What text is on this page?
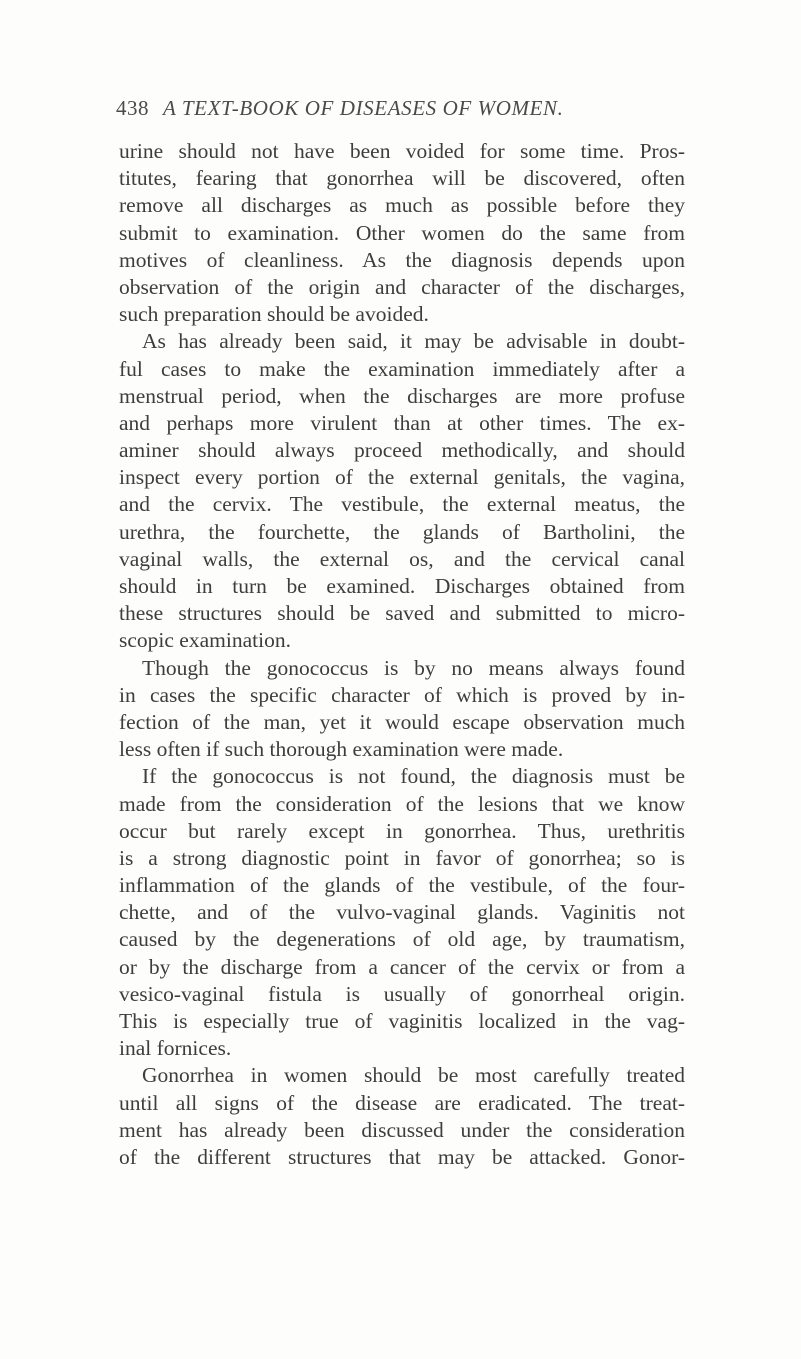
438 A TEXT-BOOK OF DISEASES OF WOMEN.
urine should not have been voided for some time. Pros-
titutes, fearing that gonorrhea will be discovered, often
remove all discharges as much as possible before they
submit to examination. Other women do the same from
motives of cleanliness. As the diagnosis depends upon
observation of the origin and character of the discharges,
such preparation should be avoided.
As has already been said, it may be advisable in doubt-
ful cases to make the examination immediately after a
menstrual period, when the discharges are more profuse
and perhaps more virulent than at other times. The ex-
aminer should always proceed methodically, and should
inspect every portion of the external genitals, the vagina,
and the cervix. The vestibule, the external meatus, the
urethra, the fourchette, the glands of Bartholini, the
vaginal walls, the external os, and the cervical canal
should in turn be examined. Discharges obtained from
these structures should be saved and submitted to micro-
scopic examination.
Though the gonococcus is by no means always found
in cases the specific character of which is proved by in-
fection of the man, yet it would escape observation much
less often if such thorough examination were made.
If the gonococcus is not found, the diagnosis must be
made from the consideration of the lesions that we know
occur but rarely except in gonorrhea. Thus, urethritis
is a strong diagnostic point in favor of gonorrhea; so is
inflammation of the glands of the vestibule, of the four-
chette, and of the vulvo-vaginal glands. Vaginitis not
caused by the degenerations of old age, by traumatism,
or by the discharge from a cancer of the cervix or from a
vesico-vaginal fistula is usually of gonorrheal origin.
This is especially true of vaginitis localized in the vag-
inal fornices.
Gonorrhea in women should be most carefully treated
until all signs of the disease are eradicated. The treat-
ment has already been discussed under the consideration
of the different structures that may be attacked. Gonor-
